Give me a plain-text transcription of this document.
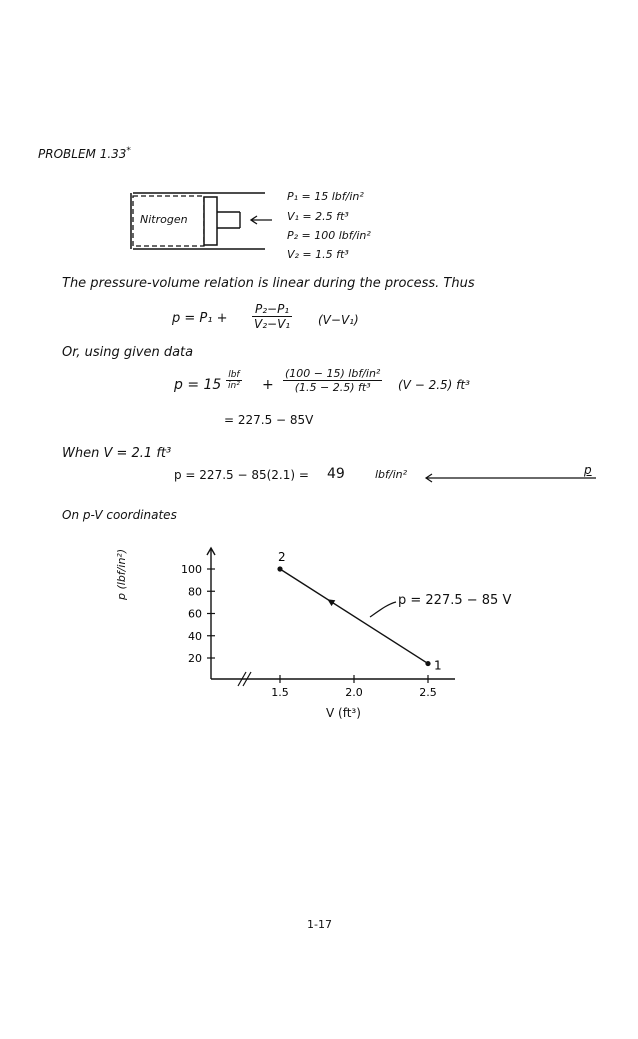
PROBLEM 1.33*
Nitrogen
P₁ = 15 lbf/in²
V₁ = 2.5 ft³
P₂ = 100 lbf/in²
V₂ = 1.5 ft³
The pressure-volume relation is linear during the process. Thus
$p = P_1 + \frac{\text{P₂−P₁}}{\text{V₂−V₁}} (V-V_1)$
Or, using given data
p = 15
lbf
in² +
(100 − 15) lbf/in²
(1.5 − 2.5) ft³	(V − 2.5) ft³
= 227.5 − 85V
When V = 2.1 ft³
p = 227.5 − 85(2.1) = 49	lbf/in²	p
On p-V coordinates
100
80
60
40
20
1.5	2.0	2.5
2
1
p (lbf/in²)
V (ft³)
p = 227.5 − 85 V
1-17
